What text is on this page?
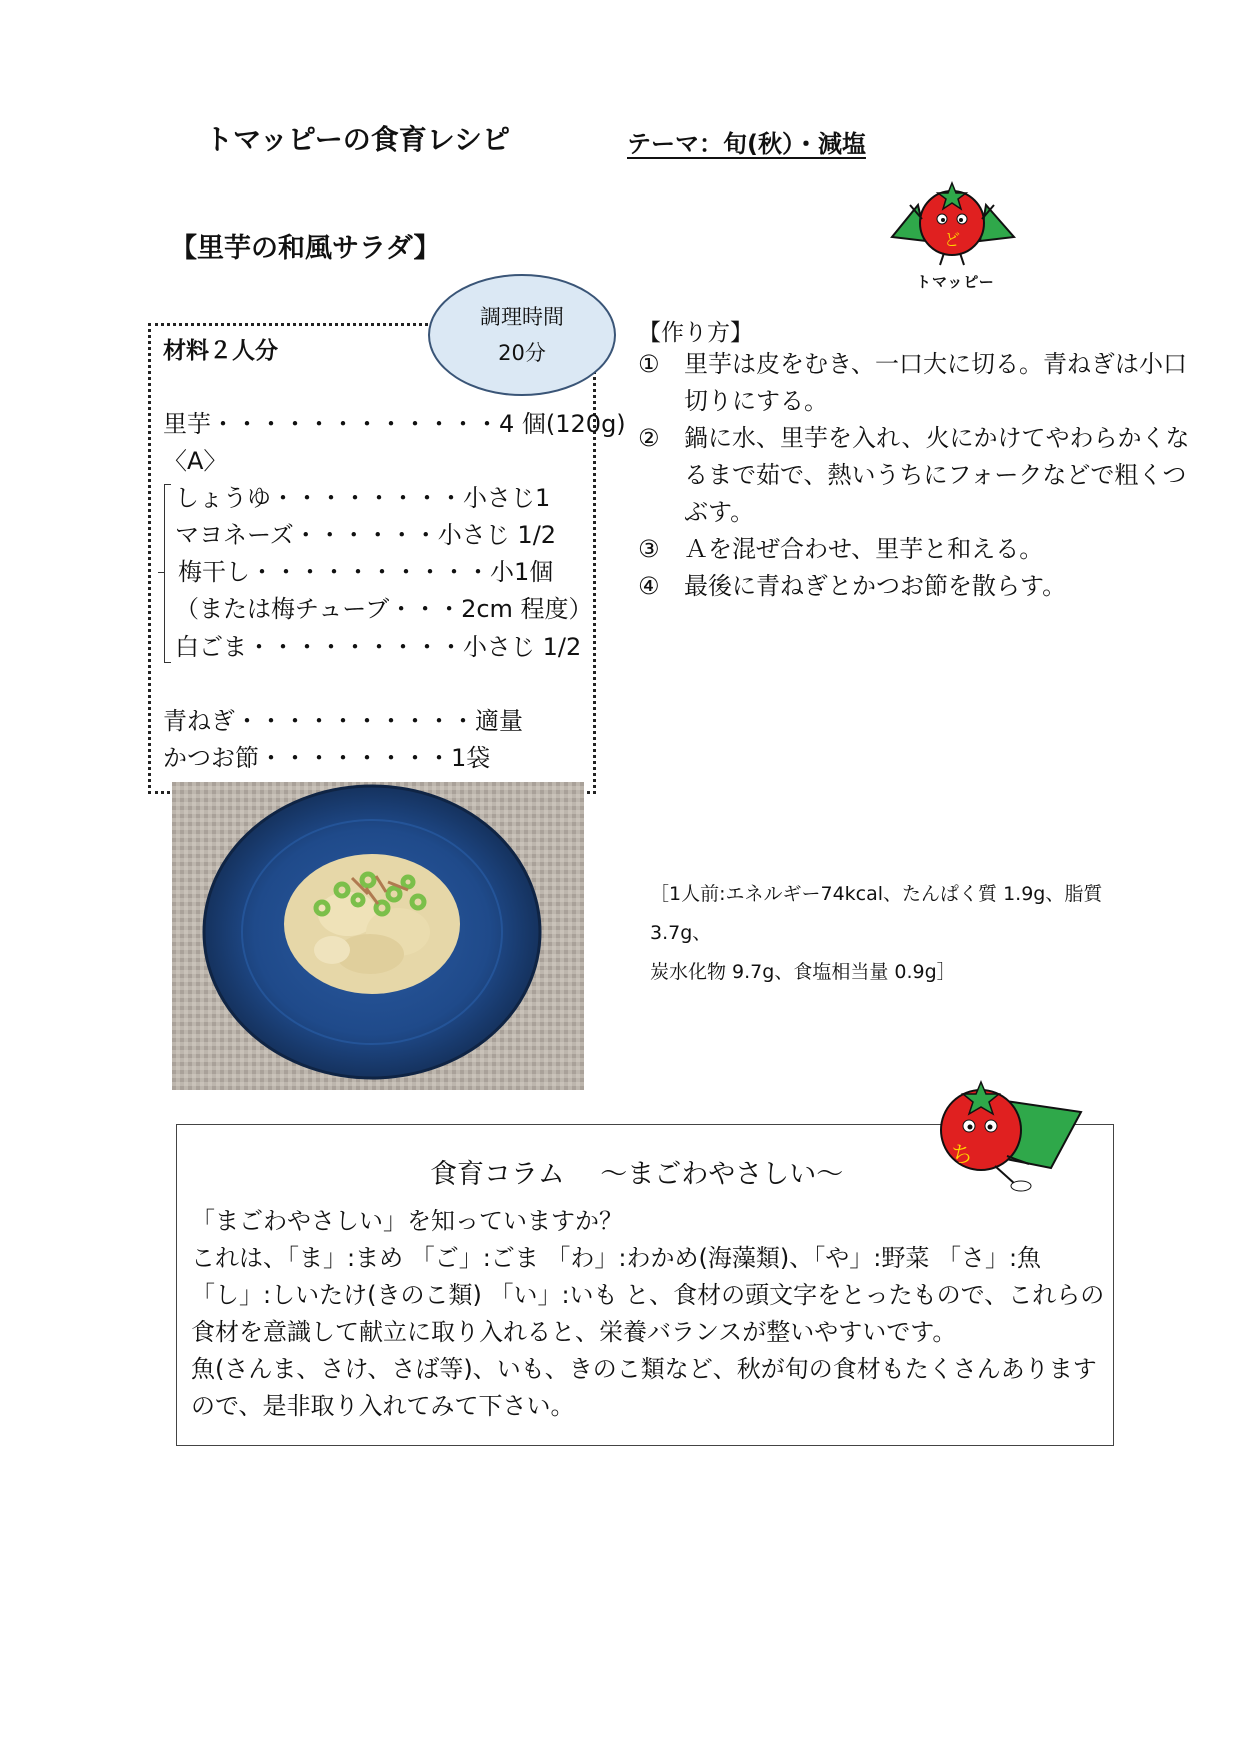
トマッピーの食育レシピ	テーマ：旬(秋）・減塩
ど
トマッピー
【里芋の和風サラダ】
調理時間
20分
材料２人分
里芋・・・・・・・・・・・・4 個(120g)
〈A〉
しょうゆ・・・・・・・・小さじ1
マヨネーズ・・・・・・小さじ 1/2
梅干し・・・・・・・・・・小1個
（または梅チューブ・・・2cm 程度）
白ごま・・・・・・・・・小さじ 1/2
青ねぎ・・・・・・・・・・適量
かつお節・・・・・・・・1袋
【作り方】
①	里芋は皮をむき、一口大に切る。青ねぎは小口切りにする。
②	鍋に水、里芋を入れ、火にかけてやわらかくなるまで茹で、熱いうちにフォークなどで粗くつぶす。
③	Ａを混ぜ合わせ、里芋と和える。
④	最後に青ねぎとかつお節を散らす。
［1人前:エネルギー74kcal、たんぱく質 1.9g、脂質 3.7g、
炭水化物 9.7g、食塩相当量 0.9g］
食育コラム　 ～まごわやさしい～

「まごわやさしい」を知っていますか？

これは、「ま」:まめ 「ご」:ごま 「わ」:わかめ(海藻類)、「や」:野菜 「さ」:魚 「し」:しいたけ(きのこ類) 「い」:いも と、食材の頭文字をとったもので、これらの食材を意識して献立に取り入れると、栄養バランスが整いやすいです。

魚(さんま、さけ、さば等)、いも、きのこ類など、秋が旬の食材もたくさんありますので、是非取り入れてみて下さい。

ち
